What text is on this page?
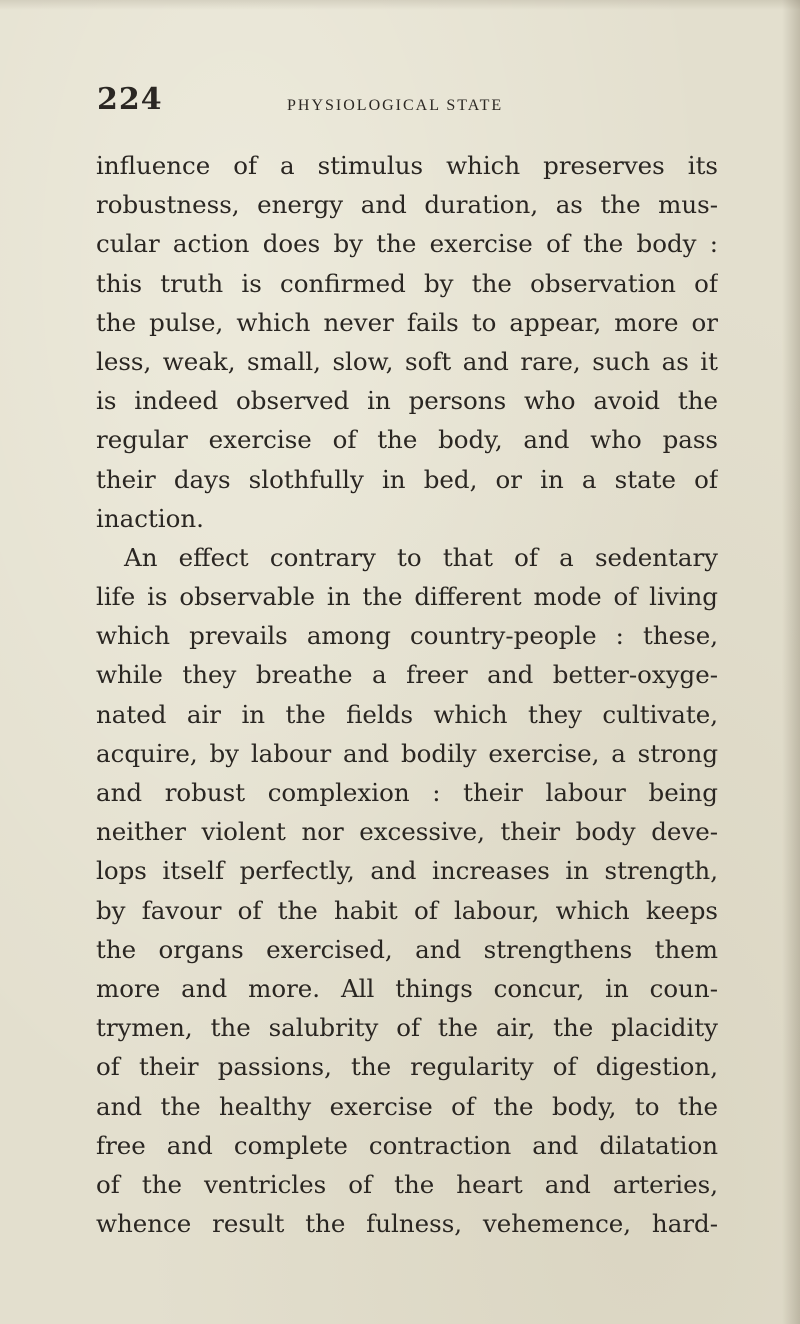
224	PHYSIOLOGICAL STATE
influence of a stimulus which preserves its
robustness, energy and duration, as the mus-
cular action does by the exercise of the body :
this truth is confirmed by the observation of
the pulse, which never fails to appear, more or
less, weak, small, slow, soft and rare, such as it
is indeed observed in persons who avoid the
regular exercise of the body, and who pass
their days slothfully in bed, or in a state of
inaction.
An effect contrary to that of a sedentary
life is observable in the different mode of living
which prevails among country-people : these,
while they breathe a freer and better-oxyge-
nated air in the fields which they cultivate,
acquire, by labour and bodily exercise, a strong
and robust complexion : their labour being
neither violent nor excessive, their body deve-
lops itself perfectly, and increases in strength,
by favour of the habit of labour, which keeps
the organs exercised, and strengthens them
more and more. All things concur, in coun-
trymen, the salubrity of the air, the placidity
of their passions, the regularity of digestion,
and the healthy exercise of the body, to the
free and complete contraction and dilatation
of the ventricles of the heart and arteries,
whence result the fulness, vehemence, hard-
